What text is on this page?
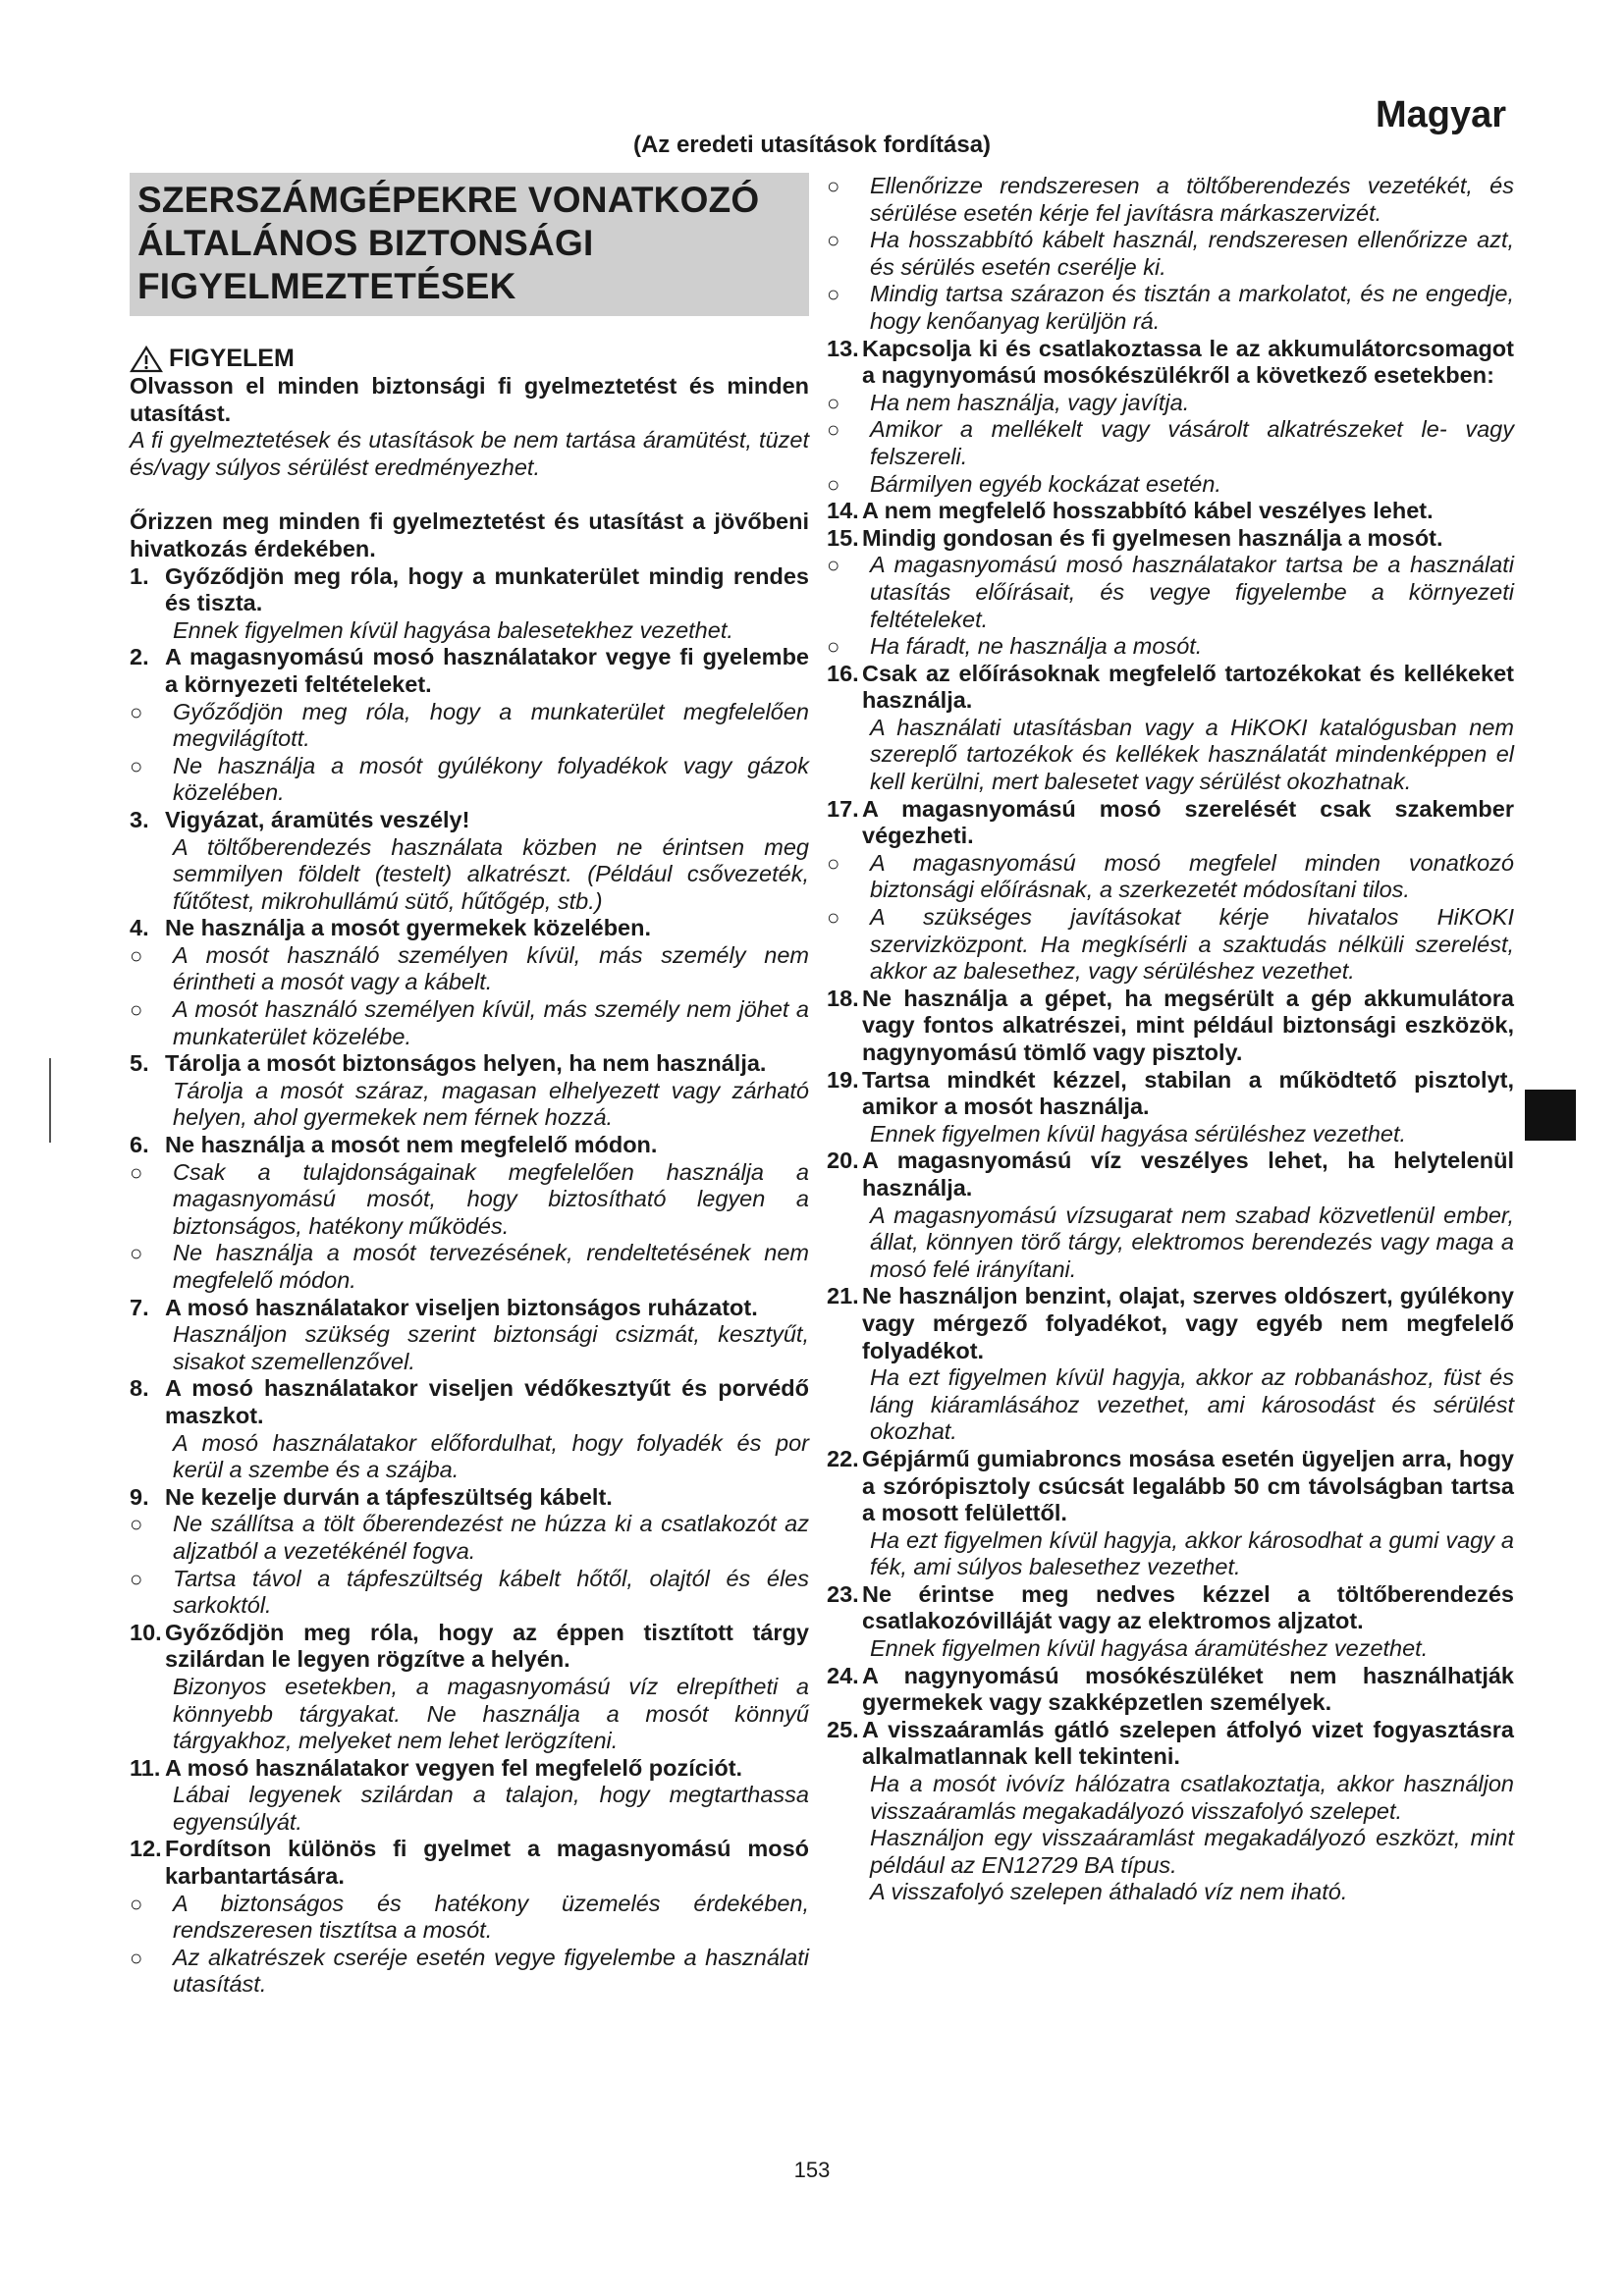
Magyar
(Az eredeti utasítások fordítása)
SZERSZÁMGÉPEKRE VONATKOZÓ ÁLTALÁNOS BIZTONSÁGI FIGYELMEZTETÉSEK
FIGYELEM

Olvasson el minden biztonsági fi gyelmeztetést és minden utasítást.

A fi gyelmeztetések és utasítások be nem tartása áramütést, tüzet és/vagy súlyos sérülést eredményezhet.

Őrizzen meg minden fi gyelmeztetést és utasítást a jövőbeni hivatkozás érdekében.

1. Győződjön meg róla, hogy a munkaterület mindig rendes és tiszta.

Ennek figyelmen kívül hagyása balesetekhez vezethet.

2. A magasnyomású mosó használatakor vegye fi gyelembe a környezeti feltételeket.
○	Győződjön meg róla, hogy a munkaterület megfelelően megvilágított.
○	Ne használja a mosót gyúlékony folyadékok vagy gázok közelében.
3. Vigyázat, áramütés veszély!

A töltőberendezés használata közben ne érintsen meg semmilyen földelt (testelt) alkatrészt. (Például csővezeték, fűtőtest, mikrohullámú sütő, hűtőgép, stb.)

4. Ne használja a mosót gyermekek közelében.
○	A mosót használó személyen kívül, más személy nem érintheti a mosót vagy a kábelt.
○	A mosót használó személyen kívül, más személy nem jöhet a munkaterület közelébe.
5. Tárolja a mosót biztonságos helyen, ha nem használja.

Tárolja a mosót száraz, magasan elhelyezett vagy zárható helyen, ahol gyermekek nem férnek hozzá.

6. Ne használja a mosót nem megfelelő módon.
○	Csak a tulajdonságainak megfelelően használja a magasnyomású mosót, hogy biztosítható legyen a biztonságos, hatékony működés.
○	Ne használja a mosót tervezésének, rendeltetésének nem megfelelő módon.
7. A mosó használatakor viseljen biztonságos ruházatot.

Használjon szükség szerint biztonsági csizmát, kesztyűt, sisakot szemellenzővel.

8. A mosó használatakor viseljen védőkesztyűt és porvédő maszkot.

A mosó használatakor előfordulhat, hogy folyadék és por kerül a szembe és a szájba.

9. Ne kezelje durván a tápfeszültség kábelt.
○	Ne szállítsa a tölt őberendezést ne húzza ki a csatlakozót az aljzatból a vezetékénél fogva.
○	Tartsa távol a tápfeszültség kábelt hőtől, olajtól és éles sarkoktól.
10. Győződjön meg róla, hogy az éppen tisztított tárgy szilárdan le legyen rögzítve a helyén.

Bizonyos esetekben, a magasnyomású víz elrepítheti a könnyebb tárgyakat. Ne használja a mosót könnyű tárgyakhoz, melyeket nem lehet lerögzíteni.

11. A mosó használatakor vegyen fel megfelelő pozíciót.

Lábai legyenek szilárdan a talajon, hogy megtarthassa egyensúlyát.

12. Fordítson különös fi gyelmet a magasnyomású mosó karbantartására.
○	A biztonságos és hatékony üzemelés érdekében, rendszeresen tisztítsa a mosót.
○	Az alkatrészek cseréje esetén vegye figyelembe a használati utasítást.
○	Ellenőrizze rendszeresen a töltőberendezés vezetékét, és sérülése esetén kérje fel javításra márkaszervizét.
○	Ha hosszabbító kábelt használ, rendszeresen ellenőrizze azt, és sérülés esetén cserélje ki.
○	Mindig tartsa szárazon és tisztán a markolatot, és ne engedje, hogy kenőanyag kerüljön rá.
13. Kapcsolja ki és csatlakoztassa le az akkumulátorcsomagot a nagynyomású mosókészülékről a következő esetekben:
○	Ha nem használja, vagy javítja.
○	Amikor a mellékelt vagy vásárolt alkatrészeket le- vagy felszereli.
○	Bármilyen egyéb kockázat esetén.
14. A nem megfelelő hosszabbító kábel veszélyes lehet.
15. Mindig gondosan és fi gyelmesen használja a mosót.
○	A magasnyomású mosó használatakor tartsa be a használati utasítás előírásait, és vegye figyelembe a környezeti feltételeket.
○	Ha fáradt, ne használja a mosót.
16. Csak az előírásoknak megfelelő tartozékokat és kellékeket használja.

A használati utasításban vagy a HiKOKI katalógusban nem szereplő tartozékok és kellékek használatát mindenképpen el kell kerülni, mert balesetet vagy sérülést okozhatnak.

17. A magasnyomású mosó szerelését csak szakember végezheti.
○	A magasnyomású mosó megfelel minden vonatkozó biztonsági előírásnak, a szerkezetét módosítani tilos.
○	A szükséges javításokat kérje hivatalos HiKOKI szervizközpont. Ha megkísérli a szaktudás nélküli szerelést, akkor az balesethez, vagy sérüléshez vezethet.
18. Ne használja a gépet, ha megsérült a gép akkumulátora vagy fontos alkatrészei, mint például biztonsági eszközök, nagynyomású tömlő vagy pisztoly.
19. Tartsa mindkét kézzel, stabilan a működtető pisztolyt, amikor a mosót használja.

Ennek figyelmen kívül hagyása sérüléshez vezethet.

20. A magasnyomású víz veszélyes lehet, ha helytelenül használja.

A magasnyomású vízsugarat nem szabad közvetlenül ember, állat, könnyen törő tárgy, elektromos berendezés vagy maga a mosó felé irányítani.

21. Ne használjon benzint, olajat, szerves oldószert, gyúlékony vagy mérgező folyadékot, vagy egyéb nem megfelelő folyadékot.

Ha ezt figyelmen kívül hagyja, akkor az robbanáshoz, füst és láng kiáramlásához vezethet, ami károsodást és sérülést okozhat.

22. Gépjármű gumiabroncs mosása esetén ügyeljen arra, hogy a szórópisztoly csúcsát legalább 50 cm távolságban tartsa a mosott felülettől.

Ha ezt figyelmen kívül hagyja, akkor károsodhat a gumi vagy a fék, ami súlyos balesethez vezethet.

23. Ne érintse meg nedves kézzel a töltőberendezés csatlakozóvilláját vagy az elektromos aljzatot.

Ennek figyelmen kívül hagyása áramütéshez vezethet.

24. A nagynyomású mosókészüléket nem használhatják gyermekek vagy szakképzetlen személyek.
25. A visszaáramlás gátló szelepen átfolyó vizet fogyasztásra alkalmatlannak kell tekinteni.

Ha a mosót ivóvíz hálózatra csatlakoztatja, akkor használjon visszaáramlás megakadályozó visszafolyó szelepet.

Használjon egy visszaáramlást megakadályozó eszközt, mint például az EN12729 BA típus.

A visszafolyó szelepen áthaladó víz nem iható.

153
